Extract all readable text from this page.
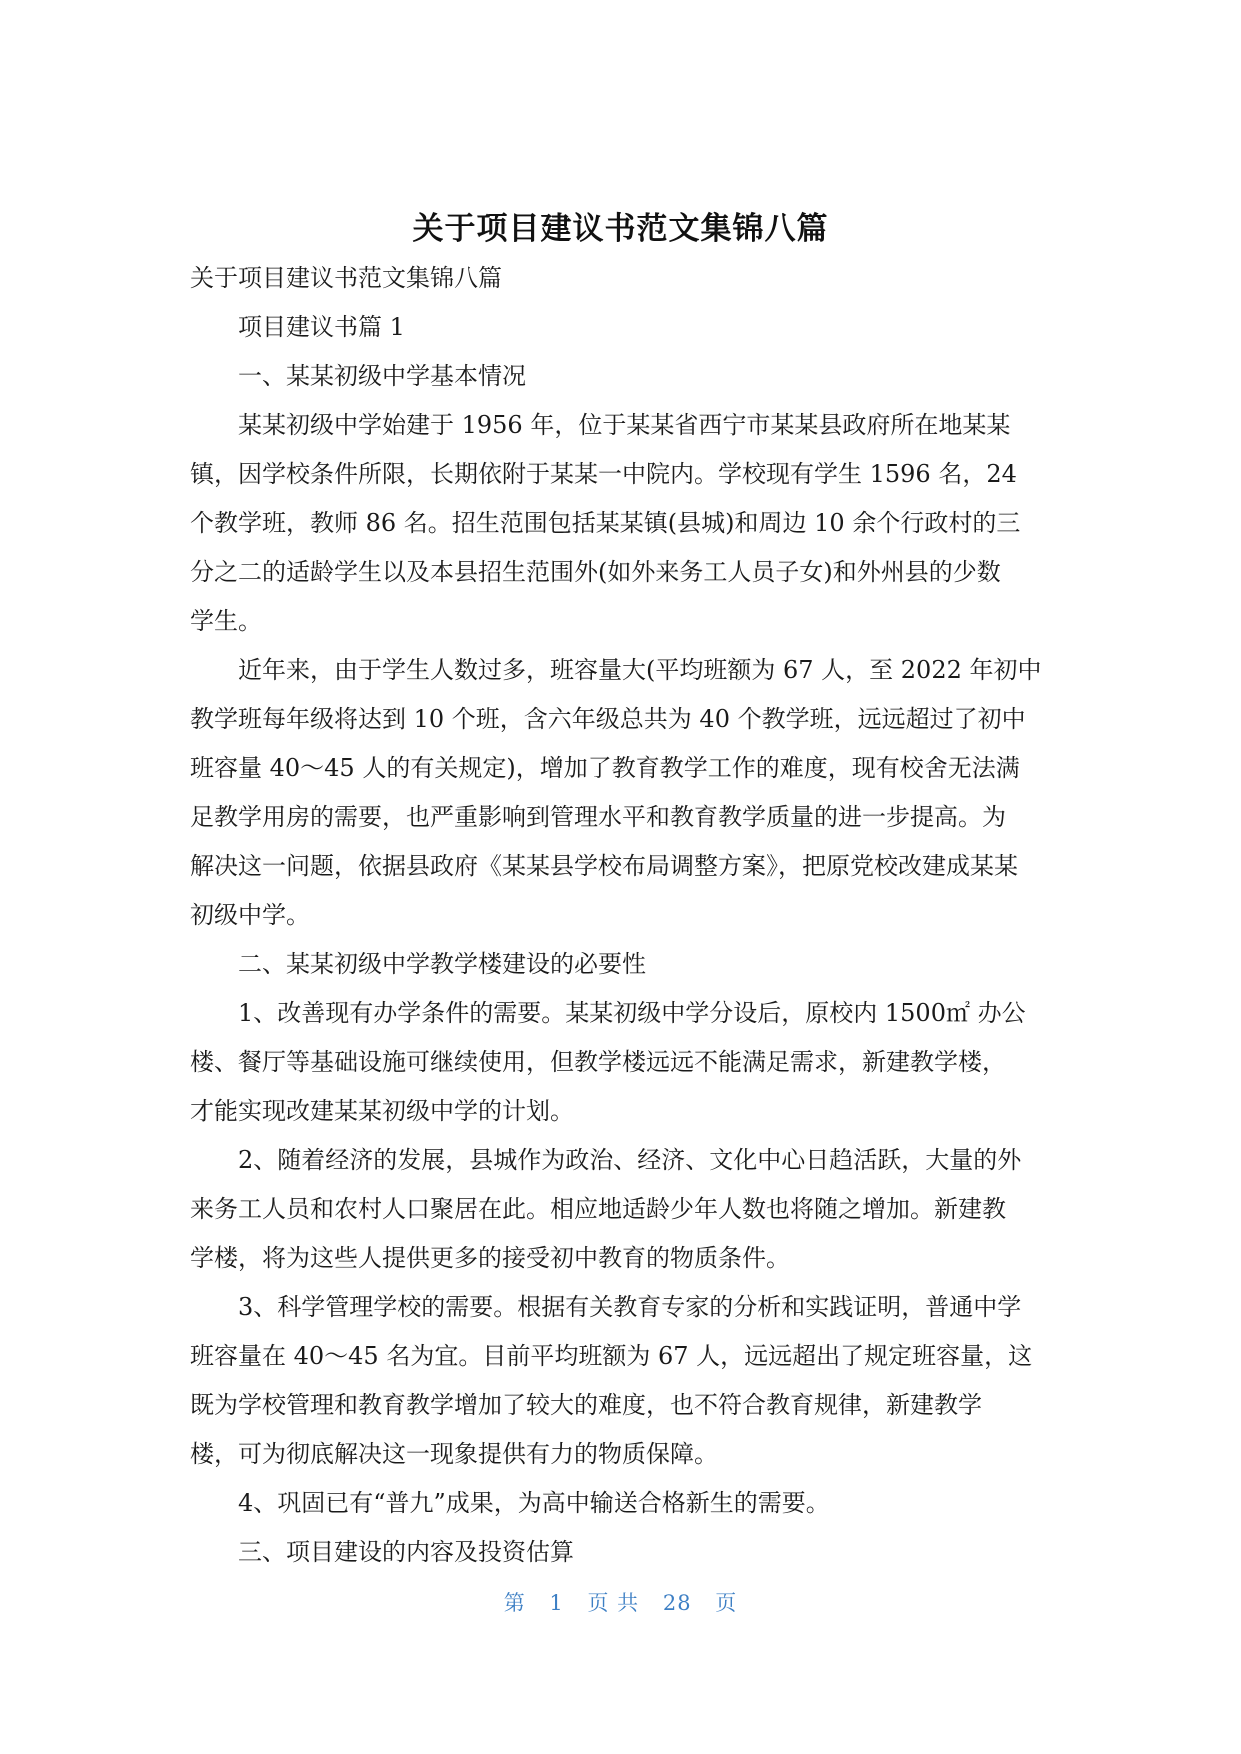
关于项目建议书范文集锦八篇

关于项目建议书范文集锦八篇

项目建议书篇 1

一、某某初级中学基本情况

某某初级中学始建于 1956 年，位于某某省西宁市某某县政府所在地某某
镇，因学校条件所限，长期依附于某某一中院内。学校现有学生 1596 名，24
个教学班，教师 86 名。招生范围包括某某镇(县城)和周边 10 余个行政村的三
分之二的适龄学生以及本县招生范围外(如外来务工人员子女)和外州县的少数
学生。

近年来，由于学生人数过多，班容量大(平均班额为 67 人，至 2022 年初中
教学班每年级将达到 10 个班，含六年级总共为 40 个教学班，远远超过了初中
班容量 40～45 人的有关规定)，增加了教育教学工作的难度，现有校舍无法满
足教学用房的需要，也严重影响到管理水平和教育教学质量的进一步提高。为
解决这一问题，依据县政府《某某县学校布局调整方案》，把原党校改建成某某
初级中学。

二、某某初级中学教学楼建设的必要性

1、改善现有办学条件的需要。某某初级中学分设后，原校内 1500㎡ 办公
楼、餐厅等基础设施可继续使用，但教学楼远远不能满足需求，新建教学楼，
才能实现改建某某初级中学的计划。

2、随着经济的发展，县城作为政治、经济、文化中心日趋活跃，大量的外
来务工人员和农村人口聚居在此。相应地适龄少年人数也将随之增加。新建教
学楼，将为这些人提供更多的接受初中教育的物质条件。

3、科学管理学校的需要。根据有关教育专家的分析和实践证明，普通中学
班容量在 40～45 名为宜。目前平均班额为 67 人，远远超出了规定班容量，这
既为学校管理和教育教学增加了较大的难度，也不符合教育规律，新建教学
楼，可为彻底解决这一现象提供有力的物质保障。

4、巩固已有“普九”成果，为高中输送合格新生的需要。

三、项目建设的内容及投资估算

第 1 页 共 28 页
